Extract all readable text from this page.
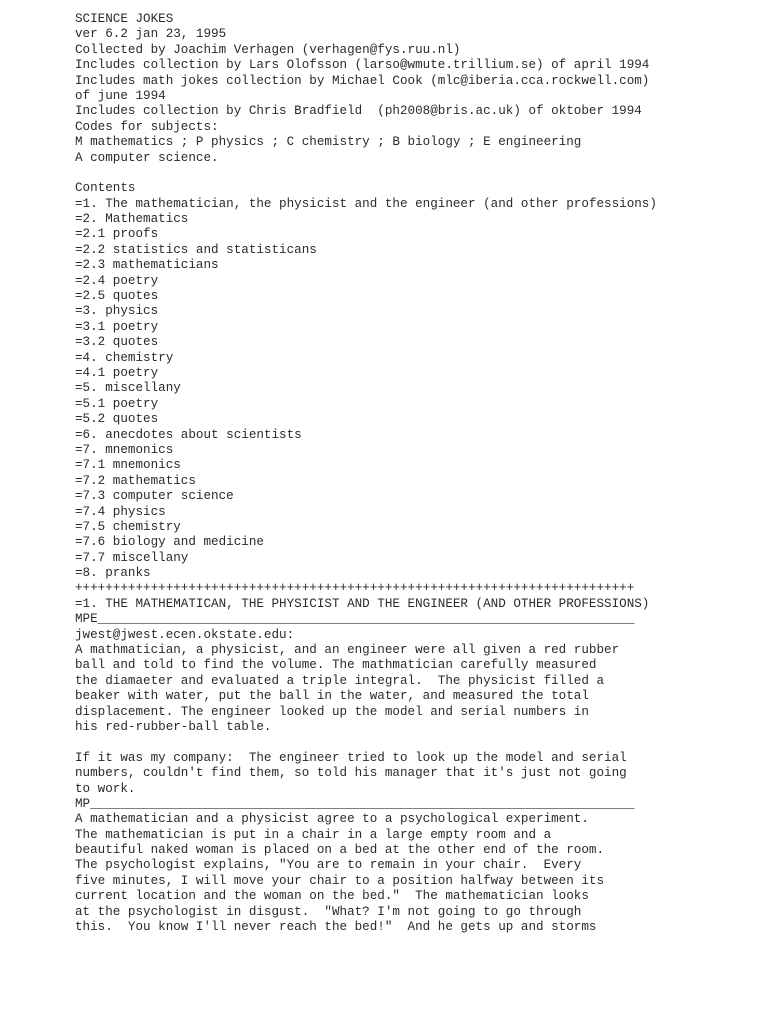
SCIENCE JOKES
ver 6.2 jan 23, 1995
Collected by Joachim Verhagen (verhagen@fys.ruu.nl)
Includes collection by Lars Olofsson (larso@wmute.trillium.se) of april 1994
Includes math jokes collection by Michael Cook (mlc@iberia.cca.rockwell.com)
of june 1994
Includes collection by Chris Bradfield  (ph2008@bris.ac.uk) of oktober 1994
Codes for subjects:
M mathematics ; P physics ; C chemistry ; B biology ; E engineering
A computer science.
Contents
=1. The mathematician, the physicist and the engineer (and other professions)
=2. Mathematics
=2.1 proofs
=2.2 statistics and statisticans
=2.3 mathematicians
=2.4 poetry
=2.5 quotes
=3. physics
=3.1 poetry
=3.2 quotes
=4. chemistry
=4.1 poetry
=5. miscellany
=5.1 poetry
=5.2 quotes
=6. anecdotes about scientists
=7. mnemonics
=7.1 mnemonics
=7.2 mathematics
=7.3 computer science
=7.4 physics
=7.5 chemistry
=7.6 biology and medicine
=7.7 miscellany
=8. pranks
++++++++++++++++++++++++++++++++++++++++++++++++++++++++++++++++++++++++++
=1. THE MATHEMATICAN, THE PHYSICIST AND THE ENGINEER (AND OTHER PROFESSIONS)
MPE_______________________________________________________________________
jwest@jwest.ecen.okstate.edu:
A mathmatician, a physicist, and an engineer were all given a red rubber
ball and told to find the volume. The mathmatician carefully measured
the diamaeter and evaluated a triple integral.  The physicist filled a
beaker with water, put the ball in the water, and measured the total
displacement. The engineer looked up the model and serial numbers in
his red-rubber-ball table.
If it was my company:  The engineer tried to look up the model and serial
numbers, couldn't find them, so told his manager that it's just not going
to work.
MP________________________________________________________________________
A mathematician and a physicist agree to a psychological experiment.
The mathematician is put in a chair in a large empty room and a
beautiful naked woman is placed on a bed at the other end of the room.
The psychologist explains, "You are to remain in your chair.  Every
five minutes, I will move your chair to a position halfway between its
current location and the woman on the bed."  The mathematician looks
at the psychologist in disgust.  "What? I'm not going to go through
this.  You know I'll never reach the bed!"  And he gets up and storms
